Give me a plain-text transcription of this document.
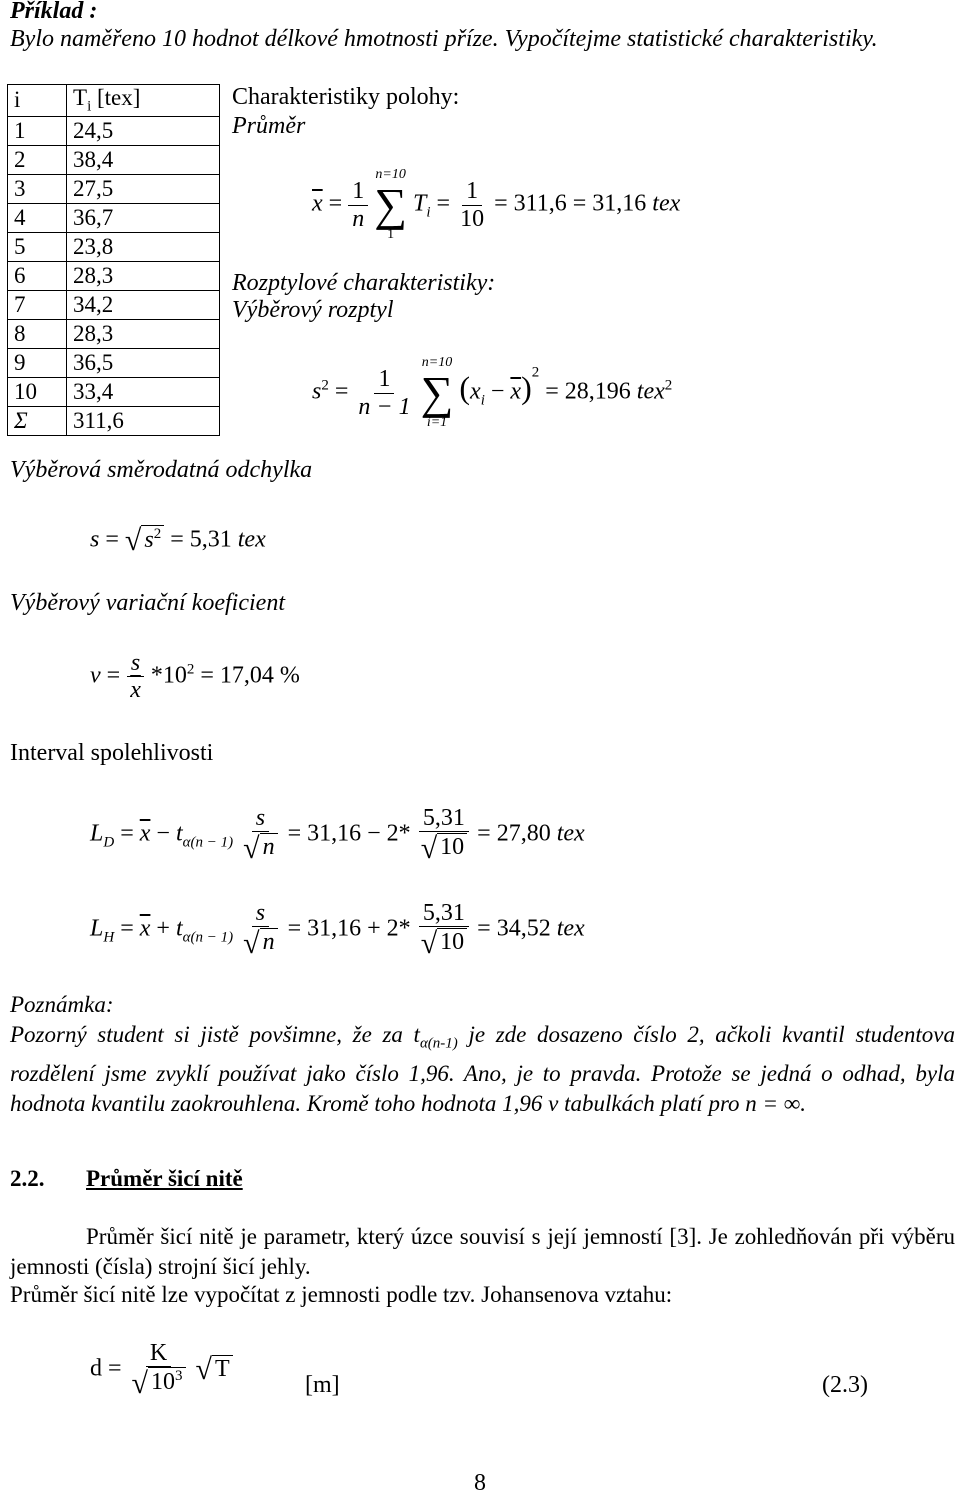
Příklad :
Bylo naměřeno 10 hodnot délkové hmotnosti příze. Vypočítejme statistické charakteristiky.
i	$T_i$ [tex]
1	24,5
2	38,4
3	27,5
4	36,7
5	23,8
6	28,3
7	34,2
8	28,3
9	36,5
10	33,4
Σ	311,6
Charakteristiky polohy:
Průměr
$\overline{x} = \frac{1}{n}$

n=10
∑
1
$T_i = \frac{1}{10} = 311,6 = 31,16$ tex
Rozptylové charakteristiky:
Výběrový rozptyl
$s^2 = \frac{1}{n - 1}$

n=10
∑
i=1
$(x_i - \overline{x})^2 = 28,196$ tex$^2$
Výběrová směrodatná odchylka
s = √ $s^2 = 5,31$ tex
Výběrový variační koeficient
$v = \frac{s}{x} *10^2 = 17,04$ %
Interval spolehlivosti
$L_D = \overline{x} - t_{\alpha(n - 1)} \frac{s}{√ n} = 31,16 - 2* \frac{5,31}{√ 10} = 27,80$ tex
$L_H = \overline{x} + t_{\alpha(n - 1)} \frac{s}{√ n} = 31,16 + 2* \frac{5,31}{√ 10} = 34,52$ tex
Poznámka:
Pozorný student si jistě povšimne, že za $t_{\alpha(n-1)}$ je zde dosazeno číslo 2, ačkoli kvantil studentova rozdělení jsme zvyklí používat jako číslo 1,96. Ano, je to pravda. Protože se jedná o odhad, byla hodnota kvantilu zaokrouhlena. Kromě toho hodnota 1,96 v tabulkách platí pro n = ∞.
2.2. Průměr šicí nitě
Průměr šicí nitě je parametr, který úzce souvisí s její jemností [3]. Je zohledňován při výběru jemnosti (čísla) strojní šicí jehly.
Průměr šicí nitě lze vypočítat z jemnosti podle tzv. Johansenova vztahu:
$d = \frac{K}{√ 10^3}$ √ T
[m]	(2.3)
8
